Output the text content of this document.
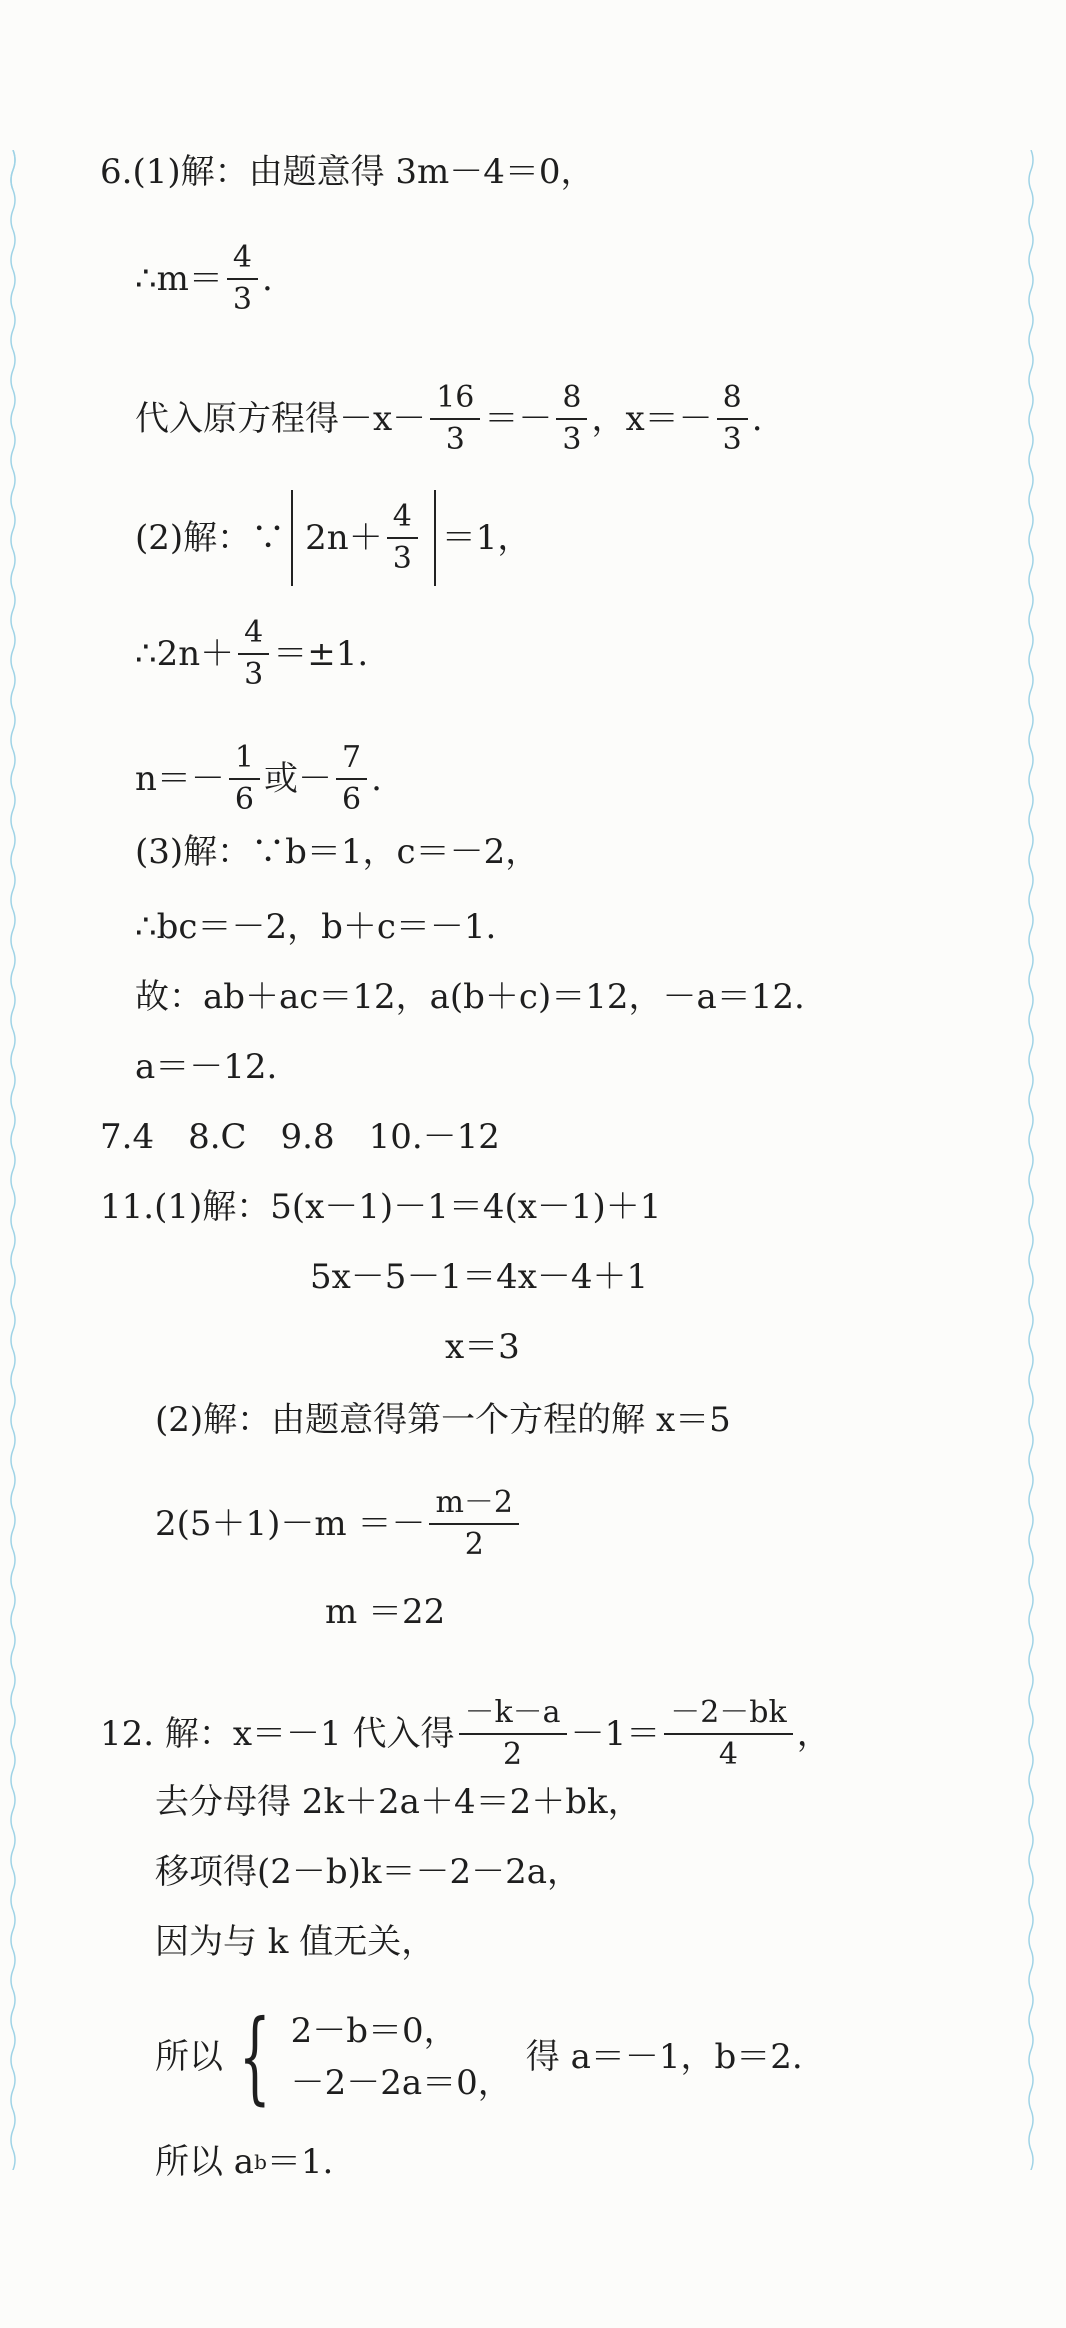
6.(1)解：由题意得 3m－4＝0，
∴m＝ $\frac{4}{3}$ .
代入原方程得$-x- \frac{16}{3} =- \frac{8}{3}$ ，$x=- \frac{8}{3}$ .
(2)解：∵ $2n+ \frac{4}{3} =1$，
∴2n＋ $\frac{4}{3} =\pm 1$.
$n=- \frac{1}{6}$ 或－ $\frac{7}{6}$ .
(3)解：∵b＝1，c＝－2，
∴bc＝－2，b＋c＝－1.
故：ab＋ac＝12，a(b＋c)＝12，－a＝12.
a＝－12.
7.4　8.C　9.8　10.－12
11.(1)解：5(x－1)－1＝4(x－1)＋1
5x－5－1＝4x－4＋1
x＝3
(2)解：由题意得第一个方程的解 x＝5
$2(5+1)-m =- \frac{m-2}{2}$
m ＝22
12. 解：x＝－1 代入得 $\frac{-k-a}{2} -1= \frac{-2-bk}{4}$ ，
去分母得 2k＋2a＋4＝2＋bk，
移项得(2－b)k＝－2－2a，
因为与 k 值无关，
所以 { 2－b＝0，
－2－2a＝0，
得 a＝－1，b＝2.
所以 a b ＝1.
